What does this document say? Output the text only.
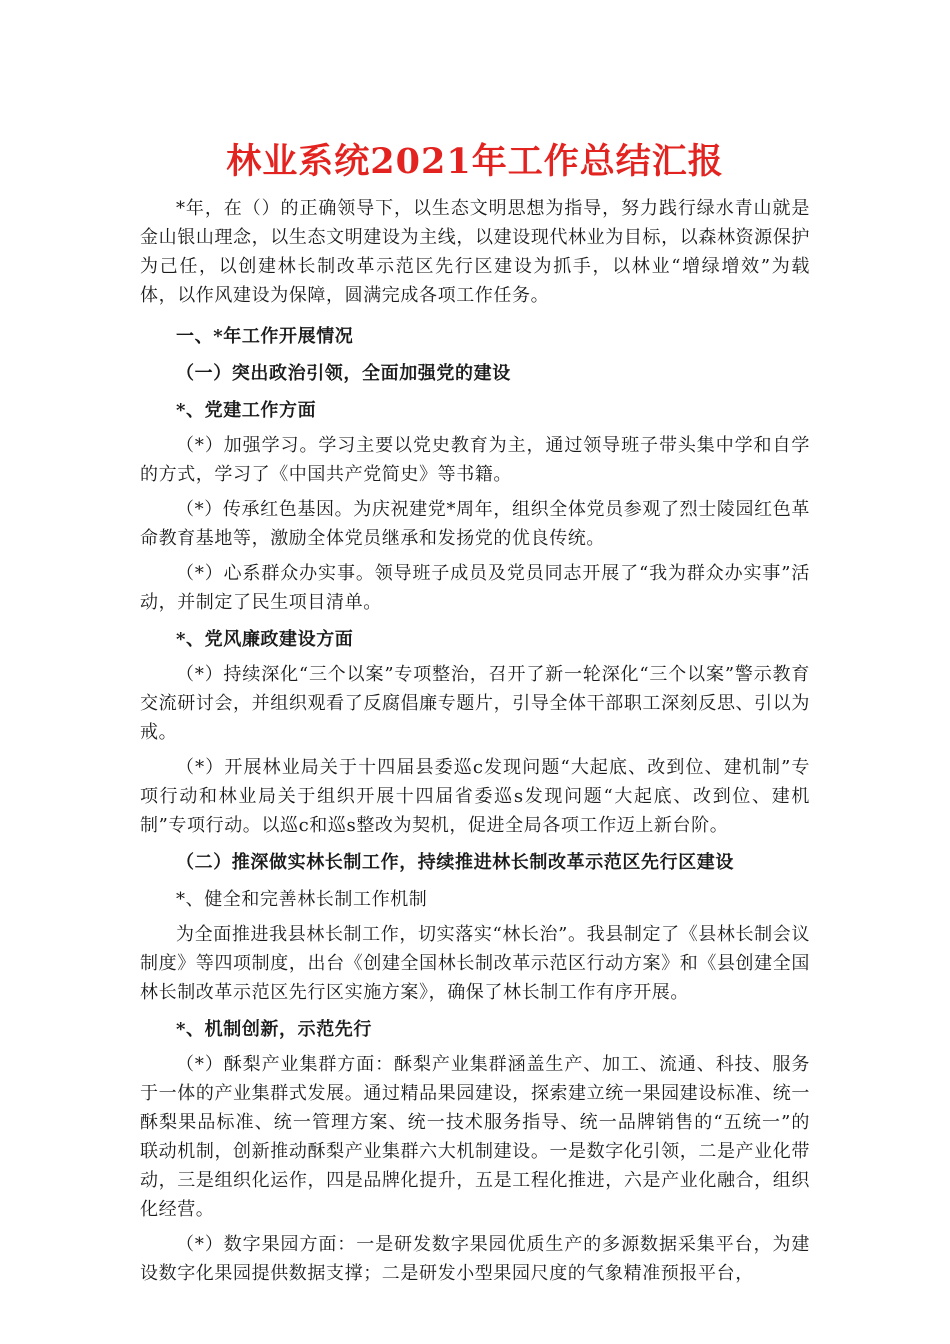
林业系统2021年工作总结汇报

*年，在（）的正确领导下，以生态文明思想为指导，努力践行绿水青山就是金山银山理念，以生态文明建设为主线，以建设现代林业为目标，以森林资源保护为己任，以创建林长制改革示范区先行区建设为抓手，以林业“增绿增效”为载体，以作风建设为保障，圆满完成各项工作任务。

一、*年工作开展情况
（一）突出政治引领，全面加强党的建设
*、党建工作方面

（*）加强学习。学习主要以党史教育为主，通过领导班子带头集中学和自学的方式，学习了《中国共产党简史》等书籍。

（*）传承红色基因。为庆祝建党*周年，组织全体党员参观了烈士陵园红色革命教育基地等，激励全体党员继承和发扬党的优良传统。

（*）心系群众办实事。领导班子成员及党员同志开展了“我为群众办实事”活动，并制定了民生项目清单。

*、党风廉政建设方面

（*）持续深化“三个以案”专项整治，召开了新一轮深化“三个以案”警示教育交流研讨会，并组织观看了反腐倡廉专题片，引导全体干部职工深刻反思、引以为戒。

（*）开展林业局关于十四届县委巡c发现问题“大起底、改到位、建机制”专项行动和林业局关于组织开展十四届省委巡s发现问题“大起底、改到位、建机制”专项行动。以巡c和巡s整改为契机，促进全局各项工作迈上新台阶。

（二）推深做实林长制工作，持续推进林长制改革示范区先行区建设
*、健全和完善林长制工作机制

为全面推进我县林长制工作，切实落实“林长治”。我县制定了《县林长制会议制度》等四项制度，出台《创建全国林长制改革示范区行动方案》和《县创建全国林长制改革示范区先行区实施方案》，确保了林长制工作有序开展。

*、机制创新，示范先行

（*）酥梨产业集群方面：酥梨产业集群涵盖生产、加工、流通、科技、服务于一体的产业集群式发展。通过精品果园建设，探索建立统一果园建设标准、统一酥梨果品标准、统一管理方案、统一技术服务指导、统一品牌销售的“五统一”的联动机制，创新推动酥梨产业集群六大机制建设。一是数字化引领，二是产业化带动，三是组织化运作，四是品牌化提升，五是工程化推进，六是产业化融合，组织化经营。

（*）数字果园方面：一是研发数字果园优质生产的多源数据采集平台，为建设数字化果园提供数据支撑；二是研发小型果园尺度的气象精准预报平台，
